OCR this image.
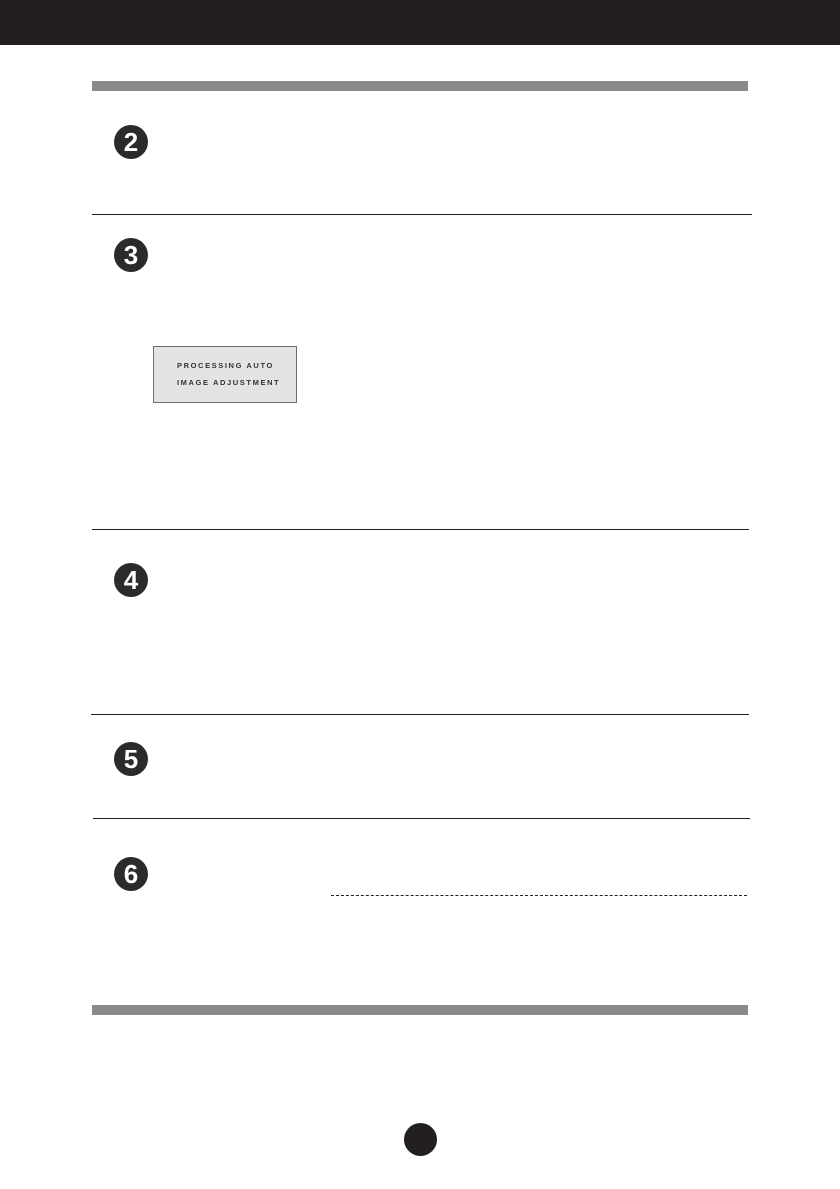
2
3
PROCESSING AUTO
IMAGE ADJUSTMENT
4
5
6
